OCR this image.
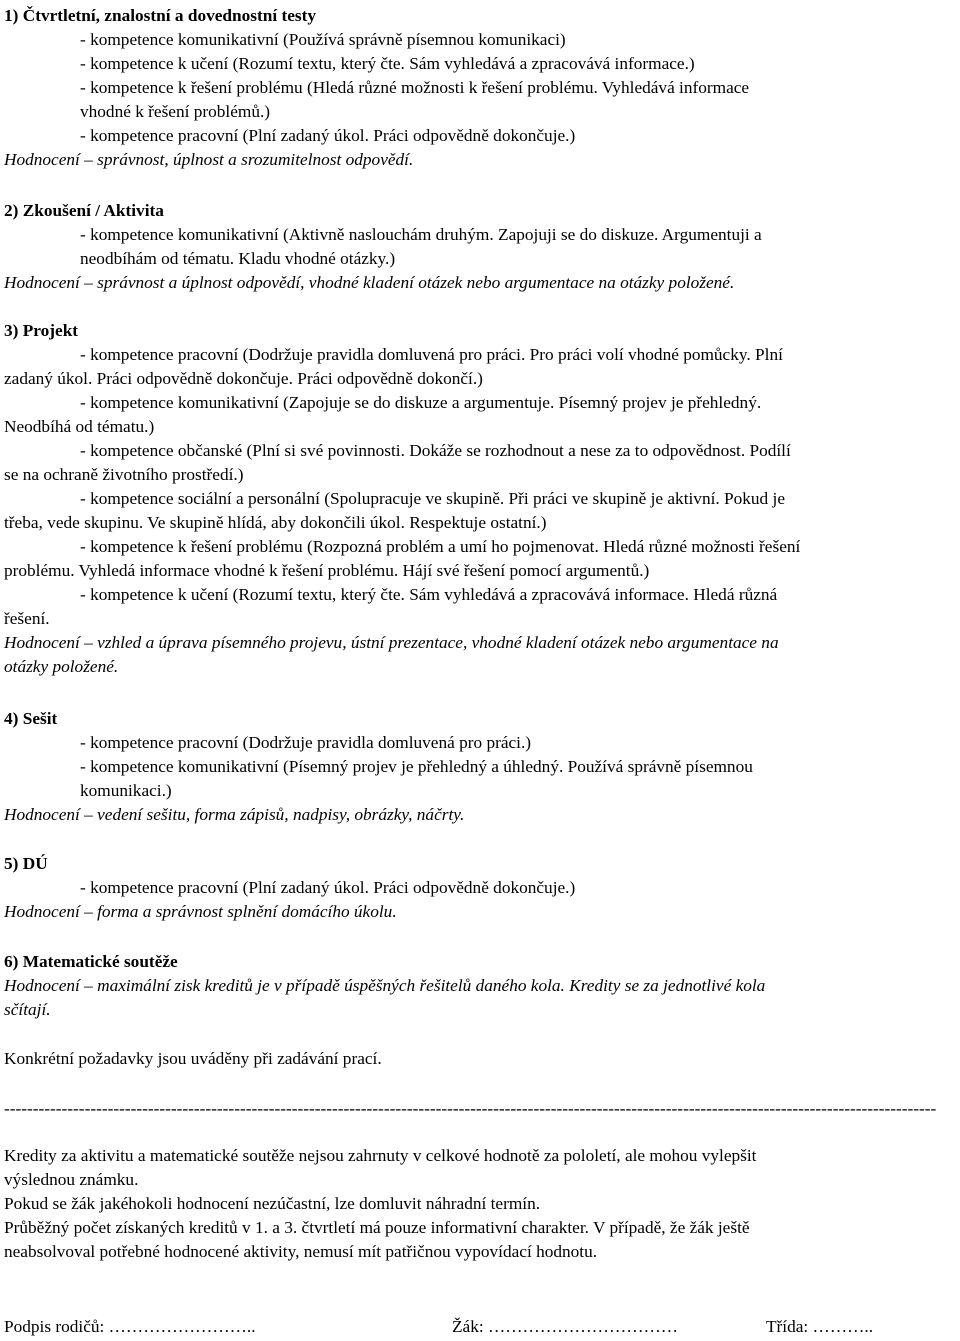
1) Čtvrtletní, znalostní a dovednostní testy
- kompetence komunikativní (Používá správně písemnou komunikaci)
- kompetence k učení (Rozumí textu, který čte. Sám vyhledává a zpracovává informace.)
- kompetence k řešení problému (Hledá různé možnosti k řešení problému. Vyhledává informace
vhodné k řešení problémů.)
- kompetence pracovní (Plní zadaný úkol. Práci odpovědně dokončuje.)
Hodnocení – správnost, úplnost a srozumitelnost odpovědí.
2) Zkoušení / Aktivita
- kompetence komunikativní (Aktivně naslouchám druhým. Zapojuji se do diskuze. Argumentuji a
neodbíhám od tématu. Kladu vhodné otázky.)
Hodnocení – správnost a úplnost odpovědí, vhodné kladení otázek nebo argumentace na otázky položené.
3) Projekt
- kompetence pracovní (Dodržuje pravidla domluvená pro práci. Pro práci volí vhodné pomůcky. Plní
zadaný úkol. Práci odpovědně dokončuje. Práci odpovědně dokončí.)
- kompetence komunikativní (Zapojuje se do diskuze a argumentuje. Písemný projev je přehledný.
Neodbíhá od tématu.)
- kompetence občanské (Plní si své povinnosti. Dokáže se rozhodnout a nese za to odpovědnost. Podílí
se na ochraně životního prostředí.)
- kompetence sociální a personální (Spolupracuje ve skupině. Při práci ve skupině je aktivní. Pokud je
třeba, vede skupinu. Ve skupině hlídá, aby dokončili úkol. Respektuje ostatní.)
- kompetence k řešení problému (Rozpozná problém a umí ho pojmenovat. Hledá různé možnosti řešení
problému. Vyhledá informace vhodné k řešení problému. Hájí své řešení pomocí argumentů.)
- kompetence k učení (Rozumí textu, který čte. Sám vyhledává a zpracovává informace. Hledá různá
řešení.
Hodnocení – vzhled a úprava písemného projevu, ústní prezentace, vhodné kladení otázek nebo argumentace na
otázky položené.
4) Sešit
- kompetence pracovní (Dodržuje pravidla domluvená pro práci.)
- kompetence komunikativní (Písemný projev je přehledný a úhledný. Používá správně písemnou
komunikaci.)
Hodnocení – vedení sešitu, forma zápisů, nadpisy, obrázky, náčrty.
5) DÚ
- kompetence pracovní (Plní zadaný úkol. Práci odpovědně dokončuje.)
Hodnocení – forma a správnost splnění domácího úkolu.
6) Matematické soutěže
Hodnocení – maximální zisk kreditů je v případě úspěšných řešitelů daného kola. Kredity se za jednotlivé kola
sčítají.
Konkrétní požadavky jsou uváděny při zadávání prací.
------------------------------------------------------------------------------------------------------------------------------------------------------------------
Kredity za aktivitu a matematické soutěže nejsou zahrnuty v celkové hodnotě za pololetí, ale mohou vylepšit
výslednou známku.
Pokud se žák jakéhokoli hodnocení nezúčastní, lze domluvit náhradní termín.
Průběžný počet získaných kreditů v 1. a 3. čtvrtletí má pouze informativní charakter. V případě, že žák ještě
neabsolvoval potřebné hodnocené aktivity, nemusí mít patřičnou vypovídací hodnotu.
Podpis rodičů: ……………………..	Žák: ……………………………	Třída: ………..
